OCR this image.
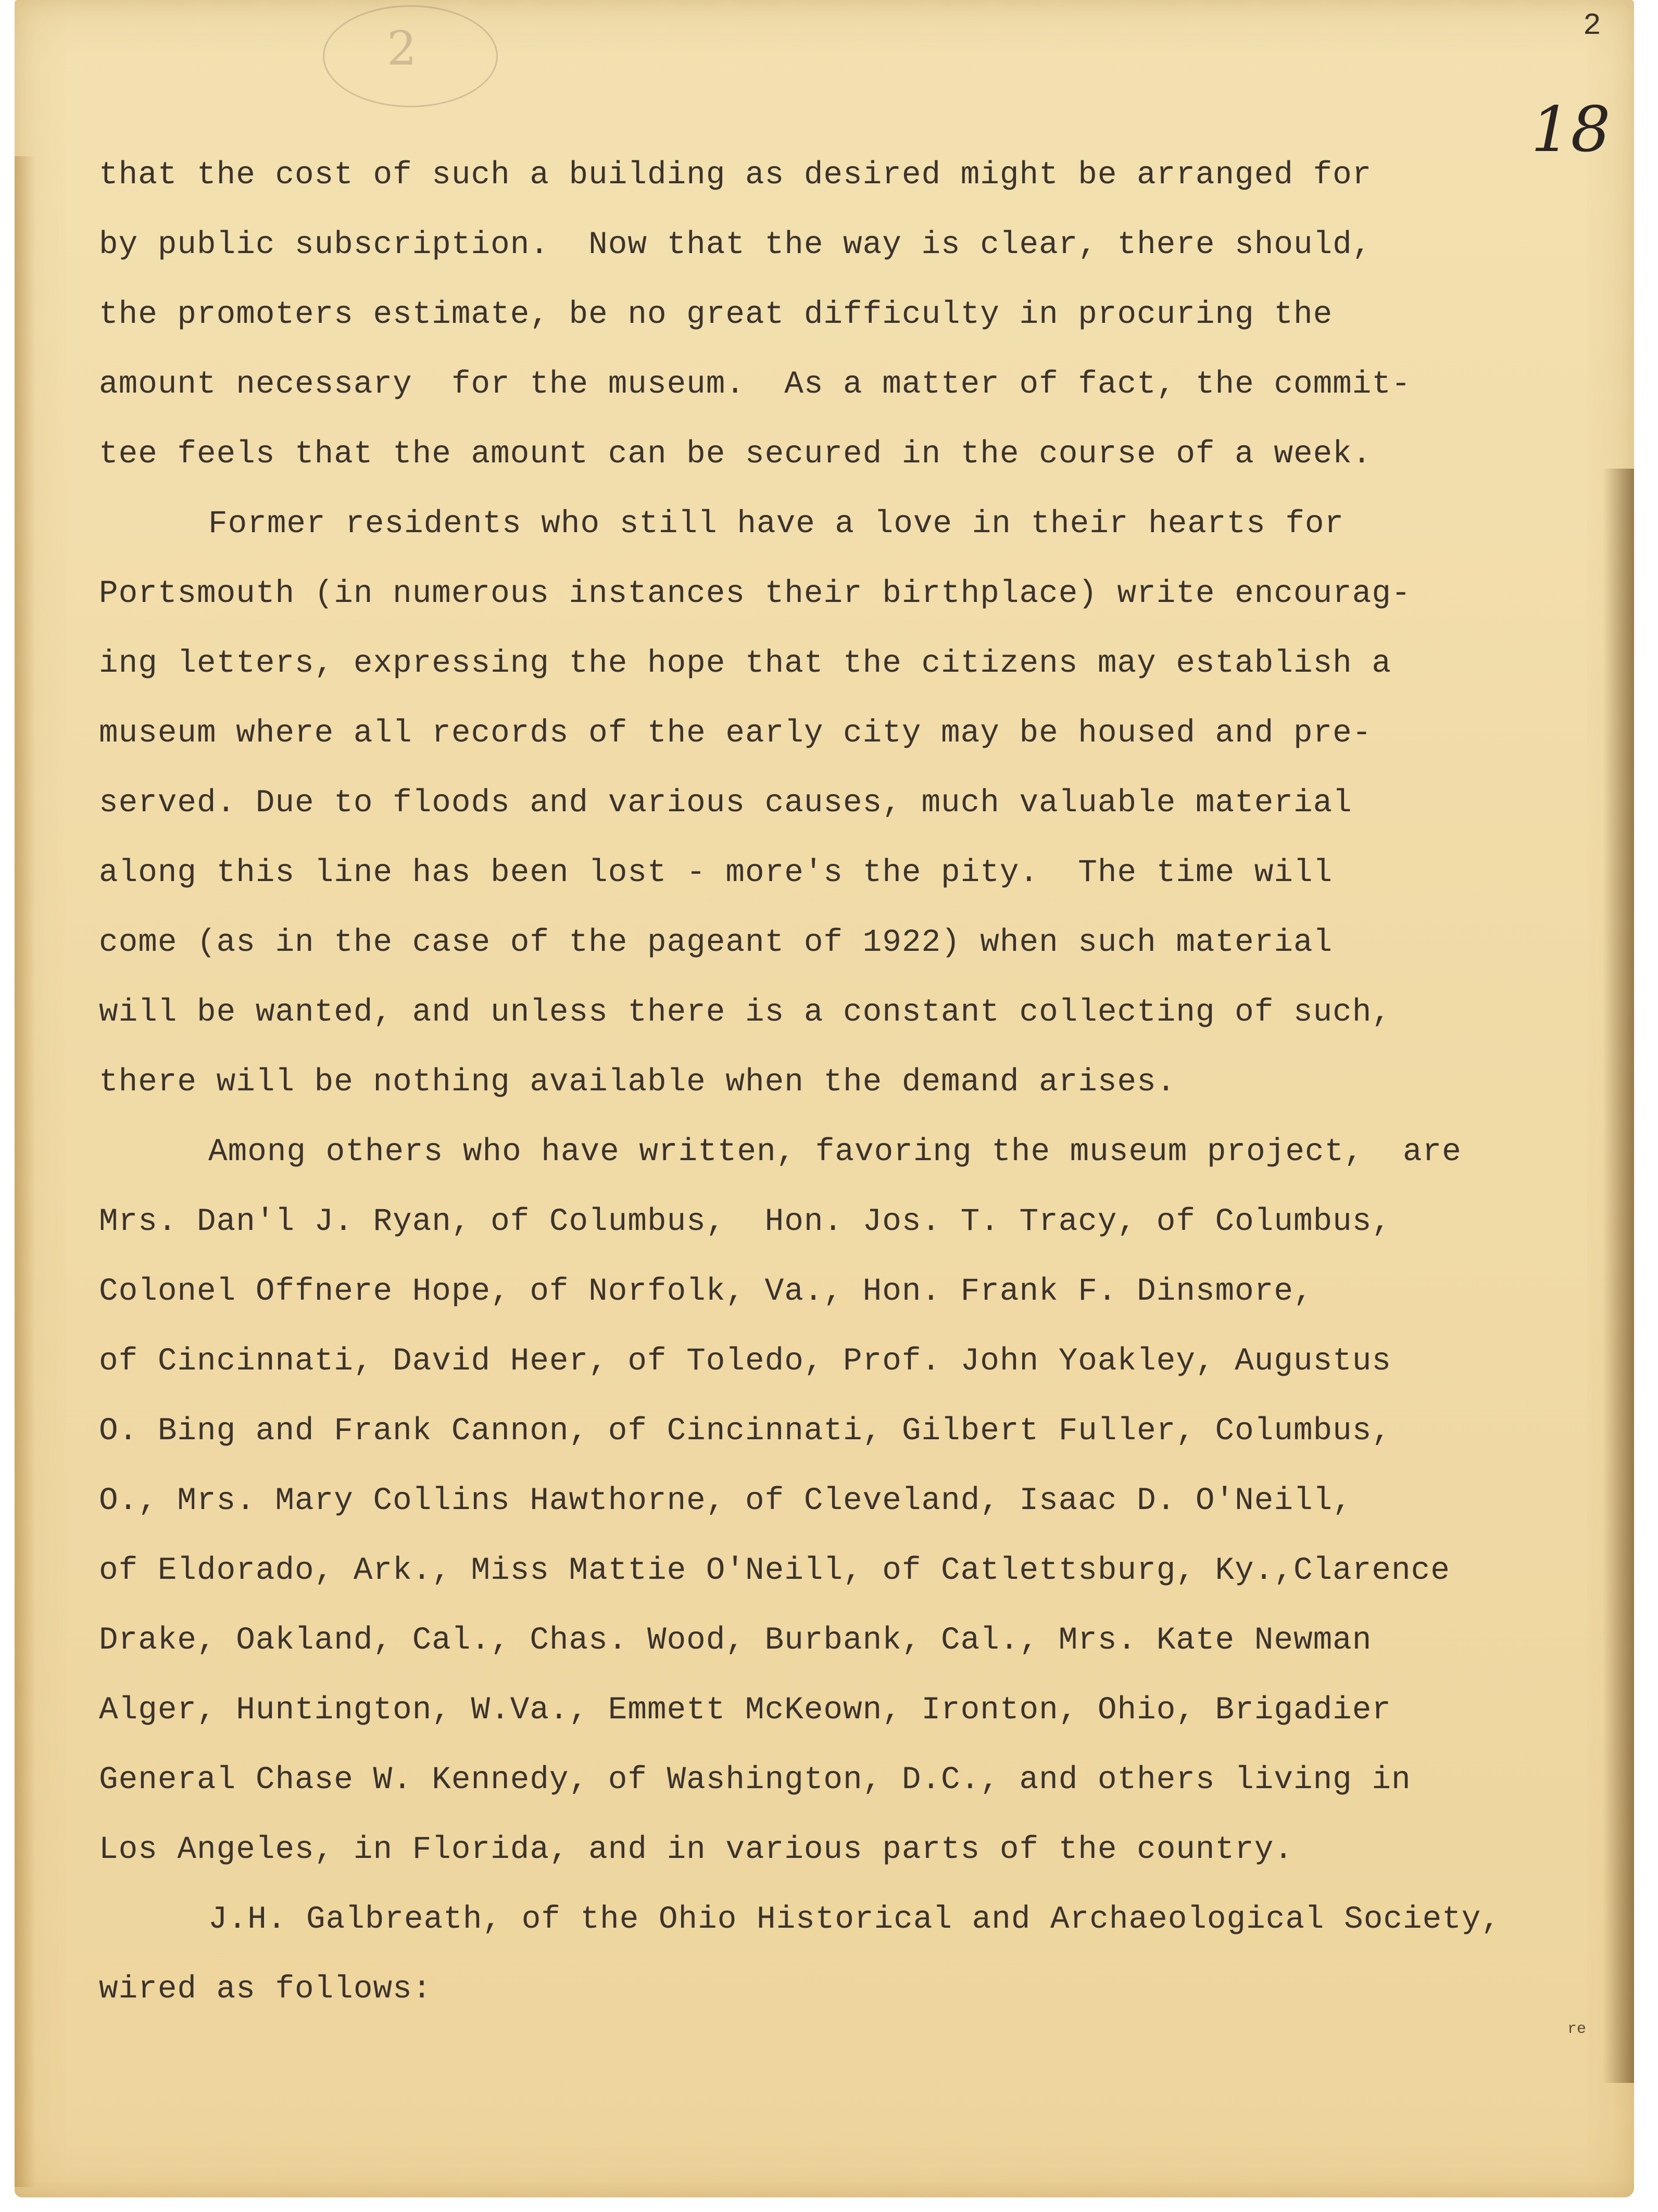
2	2
18
re
that the cost of such a building as desired might be arranged for
by public subscription.  Now that the way is clear, there should,
the promoters estimate, be no great difficulty in procuring the
amount necessary  for the museum.  As a matter of fact, the commit-
tee feels that the amount can be secured in the course of a week.
Former residents who still have a love in their hearts for
Portsmouth (in numerous instances their birthplace) write encourag-
ing letters, expressing the hope that the citizens may establish a
museum where all records of the early city may be housed and pre-
served. Due to floods and various causes, much valuable material
along this line has been lost - more's the pity.  The time will
come (as in the case of the pageant of 1922) when such material
will be wanted, and unless there is a constant collecting of such,
there will be nothing available when the demand arises.
Among others who have written, favoring the museum project,  are
Mrs. Dan'l J. Ryan, of Columbus,  Hon. Jos. T. Tracy, of Columbus,
Colonel Offnere Hope, of Norfolk, Va., Hon. Frank F. Dinsmore,
of Cincinnati, David Heer, of Toledo, Prof. John Yoakley, Augustus
O. Bing and Frank Cannon, of Cincinnati, Gilbert Fuller, Columbus,
O., Mrs. Mary Collins Hawthorne, of Cleveland, Isaac D. O'Neill,
of Eldorado, Ark., Miss Mattie O'Neill, of Catlettsburg, Ky.,Clarence
Drake, Oakland, Cal., Chas. Wood, Burbank, Cal., Mrs. Kate Newman
Alger, Huntington, W.Va., Emmett McKeown, Ironton, Ohio, Brigadier
General Chase W. Kennedy, of Washington, D.C., and others living in
Los Angeles, in Florida, and in various parts of the country.
J.H. Galbreath, of the Ohio Historical and Archaeological Society,
wired as follows:
